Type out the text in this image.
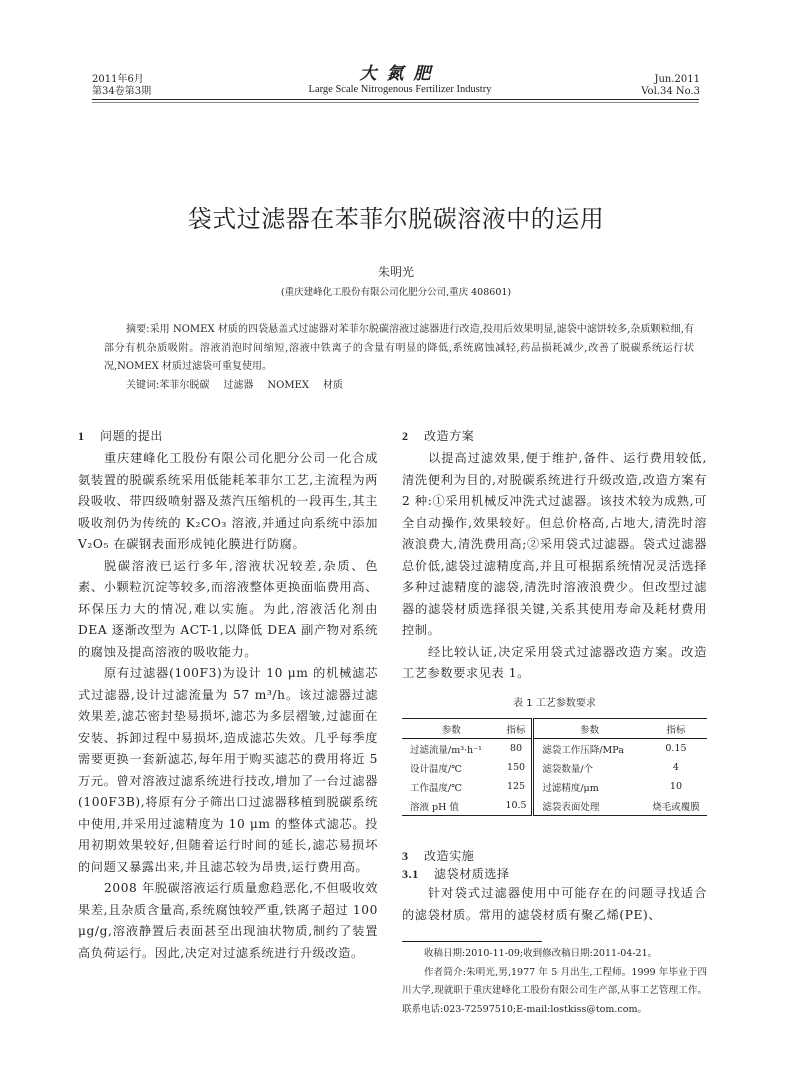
2011年6月
第34卷第3期
大氮肥
Large Scale Nitrogenous Fertilizer Industry
Jun.2011
Vol.34 No.3
袋式过滤器在苯菲尔脱碳溶液中的运用
朱明光
(重庆建峰化工股份有限公司化肥分公司,重庆 408601)

摘要:采用 NOMEX 材质的四袋悬盖式过滤器对苯菲尔脱碳溶液过滤器进行改造,投用后效果明显,滤袋中滤饼较多,杂质颗粒细,有部分有机杂质吸附。溶液消泡时间缩短,溶液中铁离子的含量有明显的降低,系统腐蚀减轻,药品损耗减少,改善了脱碳系统运行状况,NOMEX 材质过滤袋可重复使用。

关键词:苯菲尔脱碳 过滤器 NOMEX 材质
1 问题的提出

重庆建峰化工股份有限公司化肥分公司一化合成氨装置的脱碳系统采用低能耗苯菲尔工艺,主流程为两段吸收、带四级喷射器及蒸汽压缩机的一段再生,其主吸收剂仍为传统的 K₂CO₃ 溶液,并通过向系统中添加 V₂O₅ 在碳钢表面形成钝化膜进行防腐。

脱碳溶液已运行多年,溶液状况较差,杂质、色素、小颗粒沉淀等较多,而溶液整体更换面临费用高、环保压力大的情况,难以实施。为此,溶液活化剂由 DEA 逐渐改型为 ACT-1,以降低 DEA 副产物对系统的腐蚀及提高溶液的吸收能力。

原有过滤器(100F3)为设计 10 μm 的机械滤芯式过滤器,设计过滤流量为 57 m³/h。该过滤器过滤效果差,滤芯密封垫易损坏,滤芯为多层褶皱,过滤面在安装、拆卸过程中易损坏,造成滤芯失效。几乎每季度需要更换一套新滤芯,每年用于购买滤芯的费用将近 5 万元。曾对溶液过滤系统进行技改,增加了一台过滤器(100F3B),将原有分子筛出口过滤器移植到脱碳系统中使用,并采用过滤精度为 10 μm 的整体式滤芯。投用初期效果较好,但随着运行时间的延长,滤芯易损坏的问题又暴露出来,并且滤芯较为昂贵,运行费用高。

2008 年脱碳溶液运行质量愈趋恶化,不但吸收效果差,且杂质含量高,系统腐蚀较严重,铁离子超过 100 μg/g,溶液静置后表面甚至出现油状物质,制约了装置高负荷运行。因此,决定对过滤系统进行升级改造。

2 改造方案

以提高过滤效果,便于维护,备件、运行费用较低,清洗便利为目的,对脱碳系统进行升级改造,改造方案有 2 种:①采用机械反冲洗式过滤器。该技术较为成熟,可全自动操作,效果较好。但总价格高,占地大,清洗时溶液浪费大,清洗费用高;②采用袋式过滤器。袋式过滤器总价低,滤袋过滤精度高,并且可根据系统情况灵活选择多种过滤精度的滤袋,清洗时溶液浪费少。但改型过滤器的滤袋材质选择很关键,关系其使用寿命及耗材费用控制。

经比较认证,决定采用袋式过滤器改造方案。改造工艺参数要求见表 1。

表 1 工艺参数要求
参数	指标	参数	指标
过滤流量/m³·h⁻¹	80	滤袋工作压降/MPa	0.15
设计温度/℃	150	滤袋数量/个	4
工作温度/℃	125	过滤精度/μm	10
溶液 pH 值	10.5	滤袋表面处理	烧毛或覆膜
3 改造实施
3.1 滤袋材质选择

针对袋式过滤器使用中可能存在的问题寻找适合的滤袋材质。常用的滤袋材质有聚乙烯(PE)、

收稿日期:2010-11-09;收到修改稿日期:2011-04-21。

作者简介:朱明光,男,1977 年 5 月出生,工程师。1999 年毕业于四川大学,现就职于重庆建峰化工股份有限公司生产部,从事工艺管理工作。联系电话:023-72597510;E-mail:lostkiss@tom.com。
